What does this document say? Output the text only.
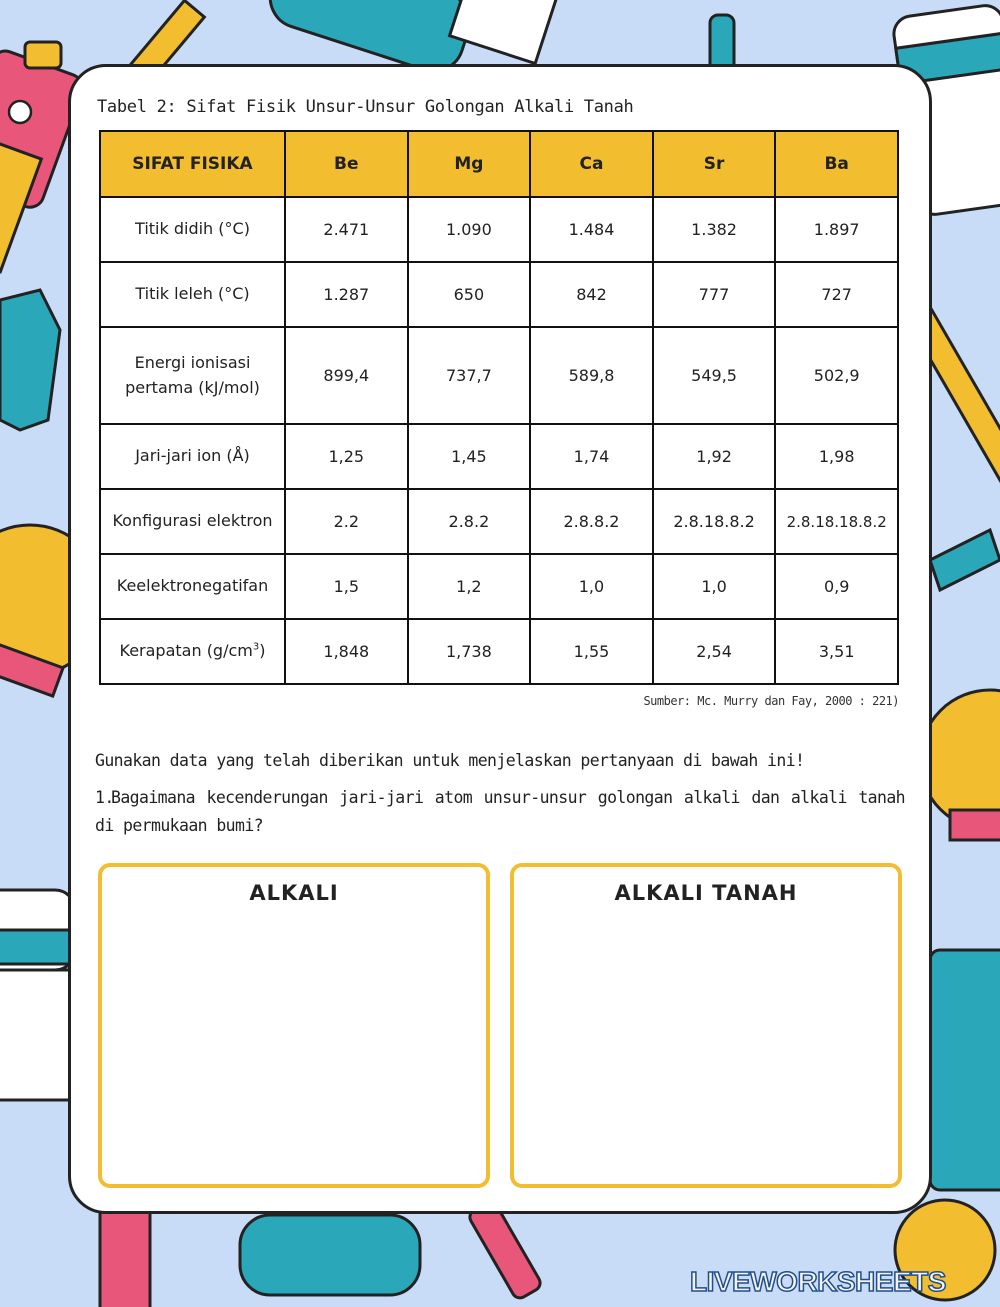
Tabel 2: Sifat Fisik Unsur-Unsur Golongan Alkali Tanah
SIFAT FISIKA	Be	Mg	Ca	Sr	Ba
Titik didih (°C)	2.471	1.090	1.484	1.382	1.897
Titik leleh (°C)	1.287	650	842	777	727
Energi ionisasi
pertama (kJ/mol)	899,4	737,7	589,8	549,5	502,9
Jari-jari ion (Å)	1,25	1,45	1,74	1,92	1,98
Konfigurasi elektron	2.2	2.8.2	2.8.8.2	2.8.18.8.2	2.8.18.18.8.2
Keelektronegatifan	1,5	1,2	1,0	1,0	0,9
Kerapatan $(g/cm^3)$	1,848	1,738	1,55	2,54	3,51
Sumber: Mc. Murry dan Fay, 2000 : 221)
Gunakan data yang telah diberikan untuk menjelaskan pertanyaan di bawah ini!
1.Bagaimana kecenderungan jari-jari atom unsur-unsur golongan alkali dan alkali tanah di permukaan bumi?
ALKALI	ALKALI TANAH
LIVEWORKSHEETS
